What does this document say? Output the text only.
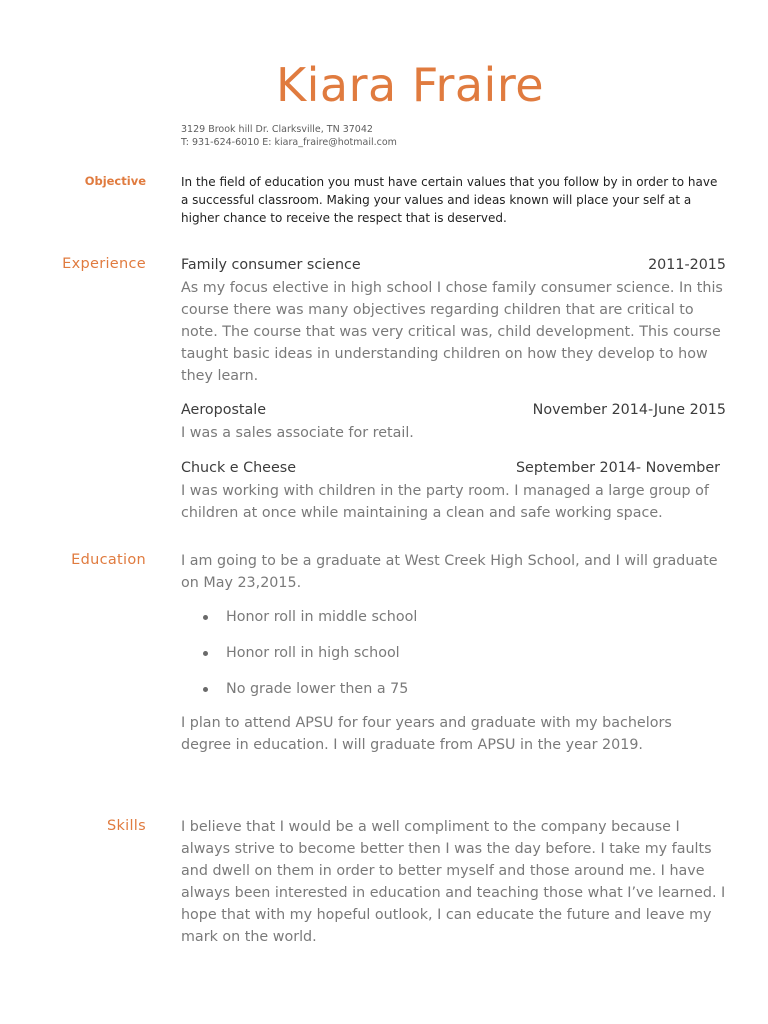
Kiara Fraire
3129 Brook hill Dr. Clarksville, TN 37042
T: 931-624-6010 E: kiara_fraire@hotmail.com
Objective	In the field of education you must have certain values that you follow by in order to have a successful classroom. Making your values and ideas known will place your self at a higher chance to receive the respect that is deserved.
Experience Family consumer science	2011-2015

As my focus elective in high school I chose family consumer science. In this course there was many objectives regarding children that are critical to note. The course that was very critical was, child development. This course taught basic ideas in understanding children on how they develop to how they learn.

Aeropostale	November 2014-June 2015

I was a sales associate for retail.

Chuck e Cheese	September 2014- November

I was working with children in the party room. I managed a large group of children at once while maintaining a clean and safe working space.

Education I am going to be a graduate at West Creek High School, and I will graduate on May 23,2015.

Honor roll in middle school
Honor roll in high school
No grade lower then a 75

I plan to attend APSU for four years and graduate with my bachelors degree in education. I will graduate from APSU in the year 2019.

Skills I believe that I would be a well compliment to the company because I always strive to become better then I was the day before. I take my faults and dwell on them in order to better myself and those around me. I have always been interested in education and teaching those what I’ve learned. I hope that with my hopeful outlook, I can educate the future and leave my mark on the world.
